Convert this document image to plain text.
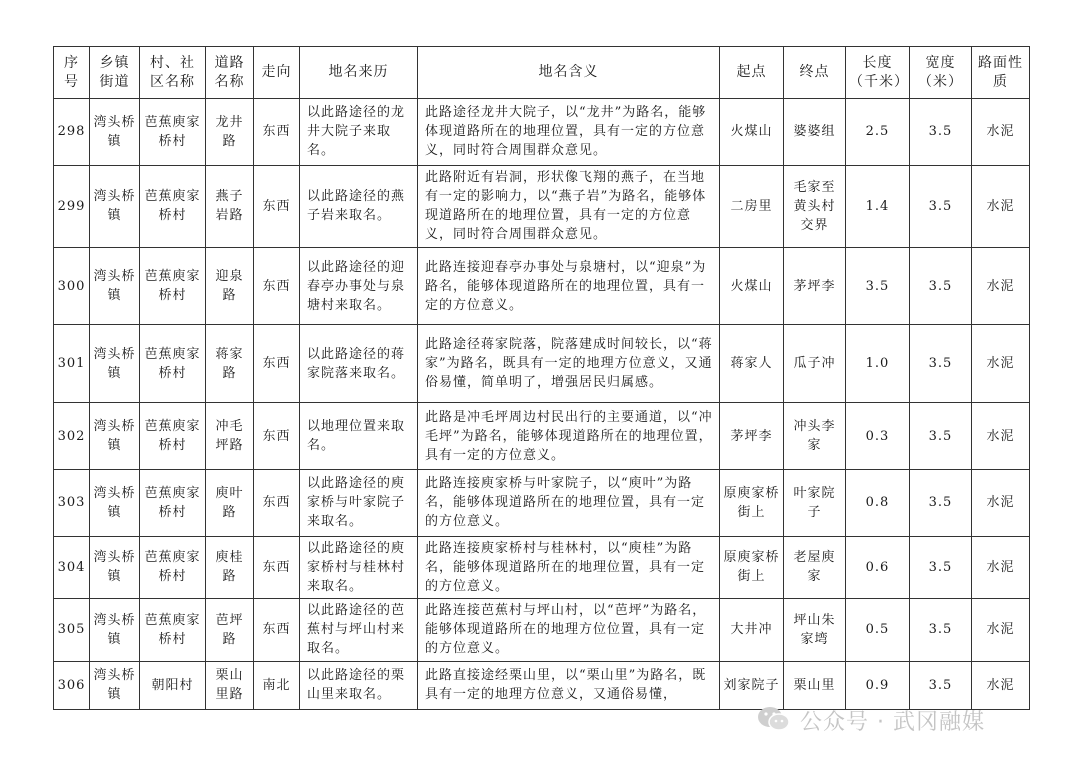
序号	乡镇街道	村、社区名称	道路名称	走向	地名来历	地名含义	起点	终点	长度（千米）	宽度（米）	路面性质
298	湾头桥镇	芭蕉庾家桥村	龙井路	东西	以此路途径的龙井大院子来取名。	此路途径龙井大院子，以“龙井”为路名，能够体现道路所在的地理位置，具有一定的方位意义，同时符合周围群众意见。	火煤山	婆婆组	2.5	3.5	水泥
299	湾头桥镇	芭蕉庾家桥村	燕子岩路	东西	以此路途径的燕子岩来取名。	此路附近有岩洞，形状像飞翔的燕子，在当地有一定的影响力，以“燕子岩”为路名，能够体现道路所在的地理位置，具有一定的方位意义，同时符合周围群众意见。	二房里	毛家至黄头村交界	1.4	3.5	水泥
300	湾头桥镇	芭蕉庾家桥村	迎泉路	东西	以此路途径的迎春亭办事处与泉塘村来取名。	此路连接迎春亭办事处与泉塘村，以“迎泉”为路名，能够体现道路所在的地理位置，具有一定的方位意义。	火煤山	茅坪李	3.5	3.5	水泥
301	湾头桥镇	芭蕉庾家桥村	蒋家路	东西	以此路途径的蒋家院落来取名。	此路途径蒋家院落，院落建成时间较长，以“蒋家”为路名，既具有一定的地理方位意义，又通俗易懂，简单明了，增强居民归属感。	蒋家人	瓜子冲	1.0	3.5	水泥
302	湾头桥镇	芭蕉庾家桥村	冲毛坪路	东西	以地理位置来取名。	此路是冲毛坪周边村民出行的主要通道，以“冲毛坪”为路名，能够体现道路所在的地理位置，具有一定的方位意义。	茅坪李	冲头李家	0.3	3.5	水泥
303	湾头桥镇	芭蕉庾家桥村	庾叶路	东西	以此路途径的庾家桥与叶家院子来取名。	此路连接庾家桥与叶家院子，以“庾叶”为路名，能够体现道路所在的地理位置，具有一定的方位意义。	原庾家桥街上	叶家院子	0.8	3.5	水泥
304	湾头桥镇	芭蕉庾家桥村	庾桂路	东西	以此路途径的庾家桥村与桂林村来取名。	此路连接庾家桥村与桂林村，以“庾桂”为路名，能够体现道路所在的地理位置，具有一定的方位意义。	原庾家桥街上	老屋庾家	0.6	3.5	水泥
305	湾头桥镇	芭蕉庾家桥村	芭坪路	东西	以此路途径的芭蕉村与坪山村来取名。	此路连接芭蕉村与坪山村，以“芭坪”为路名，能够体现道路所在的地理方位位置，具有一定的方位意义。	大井冲	坪山朱家塆	0.5	3.5	水泥
306	湾头桥镇	朝阳村	栗山里路	南北	以此路途径的栗山里来取名。	此路直接途经栗山里，以“栗山里”为路名，既具有一定的地理方位意义，又通俗易懂，	刘家院子	栗山里	0.9	3.5	水泥
公众号 · 武冈融媒
